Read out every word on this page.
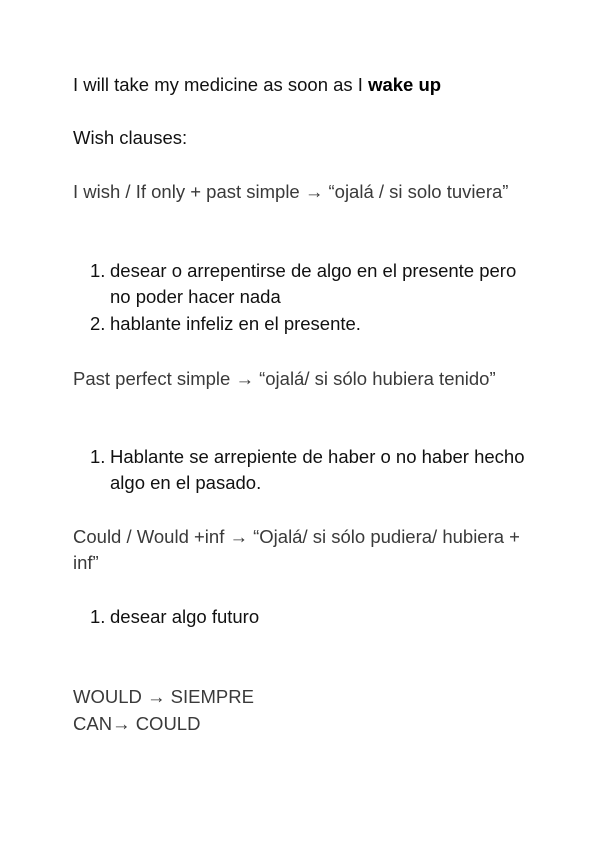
I will take my medicine as soon as I wake up
Wish clauses:
I wish / If only + past simple → “ojalá / si solo tuviera”
1. desear o arrepentirse de algo en el presente pero no poder hacer nada
2. hablante infeliz en el presente.
Past perfect simple → “ojalá/ si sólo hubiera tenido”
1. Hablante se arrepiente de haber o no haber hecho algo en el pasado.
Could / Would +inf → “Ojalá/ si sólo pudiera/ hubiera + inf”
1. desear algo futuro
WOULD → SIEMPRE
CAN→ COULD
